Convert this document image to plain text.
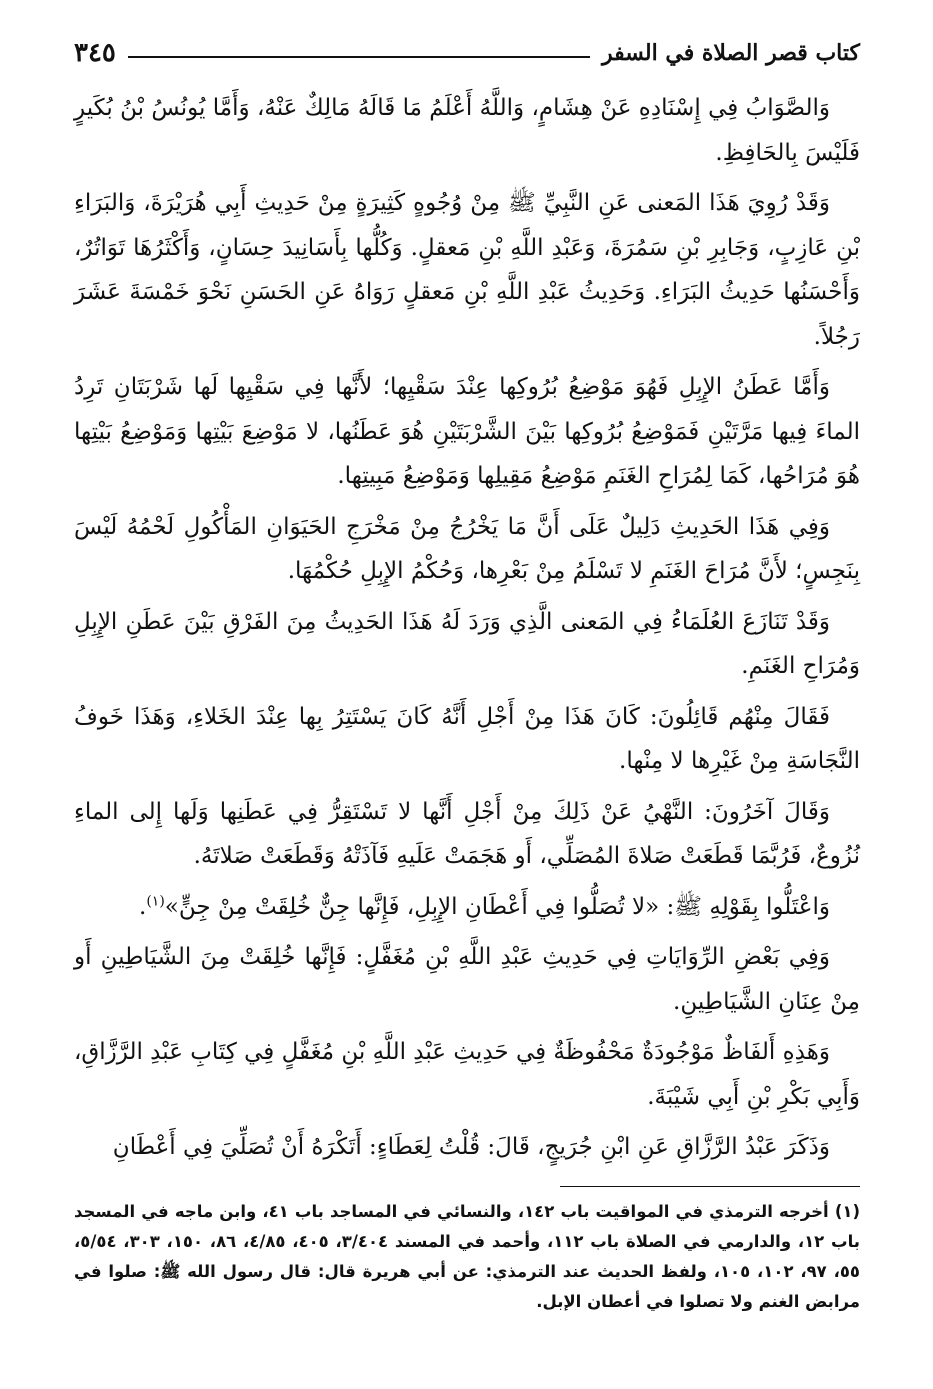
كتاب قصر الصلاة في السفر
٣٤٥

وَالصَّوَابُ فِي إِسْنَادِهِ عَنْ هِشَامٍ، وَاللَّهُ أَعْلَمُ مَا قَالَهُ مَالِكٌ عَنْهُ، وَأَمَّا يُونُسُ بْنُ بُكَيرٍ فَلَيْسَ بِالحَافِظِ.

وَقَدْ رُوِيَ هَذَا المَعنى عَنِ النَّبِيِّ ﷺ مِنْ وُجُوهٍ كَثِيرَةٍ مِنْ حَدِيثِ أَبِي هُرَيْرَةَ، وَالبَرَاءِ بْنِ عَازِبٍ، وَجَابِرِ بْنِ سَمُرَةَ، وَعَبْدِ اللَّهِ بْنِ مَعقلٍ. وَكُلُّها بِأَسَانِيدَ حِسَانٍ، وَأَكْثَرُهَا تَوَاتُرٌ، وَأَحْسَنُها حَدِيثُ البَرَاءِ. وَحَدِيثُ عَبْدِ اللَّهِ بْنِ مَعقلٍ رَوَاهُ عَنِ الحَسَنِ نَحْوَ خَمْسَةَ عَشَرَ رَجُلاً.

وَأَمَّا عَطَنُ الإِبِلِ فَهُوَ مَوْضِعُ بُرُوكِها عِنْدَ سَقْيِها؛ لأَنَّها فِي سَقْيِها لَها شَرْبَتَانِ تَرِدُ الماءَ فِيها مَرَّتَيْنِ فَمَوْضِعُ بُرُوكِها بَيْنَ الشَّرْبَتَيْنِ هُوَ عَطَنُها، لا مَوْضِعَ بَيْتِها وَمَوْضِعُ بَيْتِها هُوَ مُرَاحُها، كَمَا لِمُرَاحِ الغَنَمِ مَوْضِعُ مَقِيلِها وَمَوْضِعُ مَبِيتِها.

وَفِي هَذَا الحَدِيثِ دَلِيلٌ عَلَى أَنَّ مَا يَخْرُجُ مِنْ مَخْرَجِ الحَيَوَانِ المَأْكُولِ لَحْمُهُ لَيْسَ بِنَجِسٍ؛ لأَنَّ مُرَاحَ الغَنَمِ لا تَسْلَمُ مِنْ بَعْرِها، وَحُكْمُ الإِبِلِ حُكْمُهَا.

وَقَدْ تَنَازَعَ العُلَمَاءُ فِي المَعنى الَّذِي وَرَدَ لَهُ هَذَا الحَدِيثُ مِنَ الفَرْقِ بَيْنَ عَطَنِ الإِبِلِ وَمُرَاحِ الغَنَمِ.

فَقَالَ مِنْهُم قَائِلُونَ: كَانَ هَذَا مِنْ أَجْلِ أَنَّهُ كَانَ يَسْتَتِرُ بِها عِنْدَ الخَلاءِ، وَهَذَا خَوفُ النَّجَاسَةِ مِنْ غَيْرِها لا مِنْها.

وَقَالَ آخَرُونَ: النَّهْيُ عَنْ ذَلِكَ مِنْ أَجْلِ أَنَّها لا تَسْتَقِرُّ فِي عَطَنِها وَلَها إِلى الماءِ نُزُوعٌ، فَرُبَّمَا قَطَعَتْ صَلاةَ المُصَلِّي، أَو هَجَمَتْ عَلَيهِ فَآذَتْهُ وَقَطَعَتْ صَلاتَهُ.

وَاعْتَلُّوا بِقَوْلِهِ ﷺ: «لا تُصَلُّوا فِي أَعْطَانِ الإِبِلِ، فَإِنَّها جِنٌّ خُلِقَتْ مِنْ جِنٍّ»$^{(١)}$.

وَفِي بَعْضِ الرِّوَايَاتِ فِي حَدِيثِ عَبْدِ اللَّهِ بْنِ مُغَفَّلٍ: فَإِنَّها خُلِقَتْ مِنَ الشَّيَاطِينِ أَو مِنْ عِنَانِ الشَّيَاطِينِ.

وَهَذِهِ أَلفَاظٌ مَوْجُودَةٌ مَحْفُوظَةٌ فِي حَدِيثِ عَبْدِ اللَّهِ بْنِ مُغَفَّلٍ فِي كِتَابِ عَبْدِ الرَّزَّاقِ، وَأَبِي بَكْرِ بْنِ أَبِي شَيْبَةَ.

وَذَكَرَ عَبْدُ الرَّزَّاقِ عَنِ ابْنِ جُرَيجٍ، قَالَ: قُلْتُ لِعَطَاءٍ: أَتَكْرَهُ أَنْ تُصَلِّيَ فِي أَعْطَانِ

(١) أخرجه الترمذي في المواقيت باب ١٤٢، والنسائي في المساجد باب ٤١، وابن ماجه في المسجد باب ١٢، والدارمي في الصلاة باب ١١٢، وأحمد في المسند ٣/٤٠٤، ٤٠٥، ٤/٨٥، ٨٦، ١٥٠، ٣٠٣، ٥/٥٤، ٥٥، ٩٧، ١٠٢، ١٠٥، ولفظ الحديث عند الترمذي: عن أبي هريرة قال: قال رسول الله ﷺ: صلوا في مرابض الغنم ولا تصلوا في أعطان الإبل.
